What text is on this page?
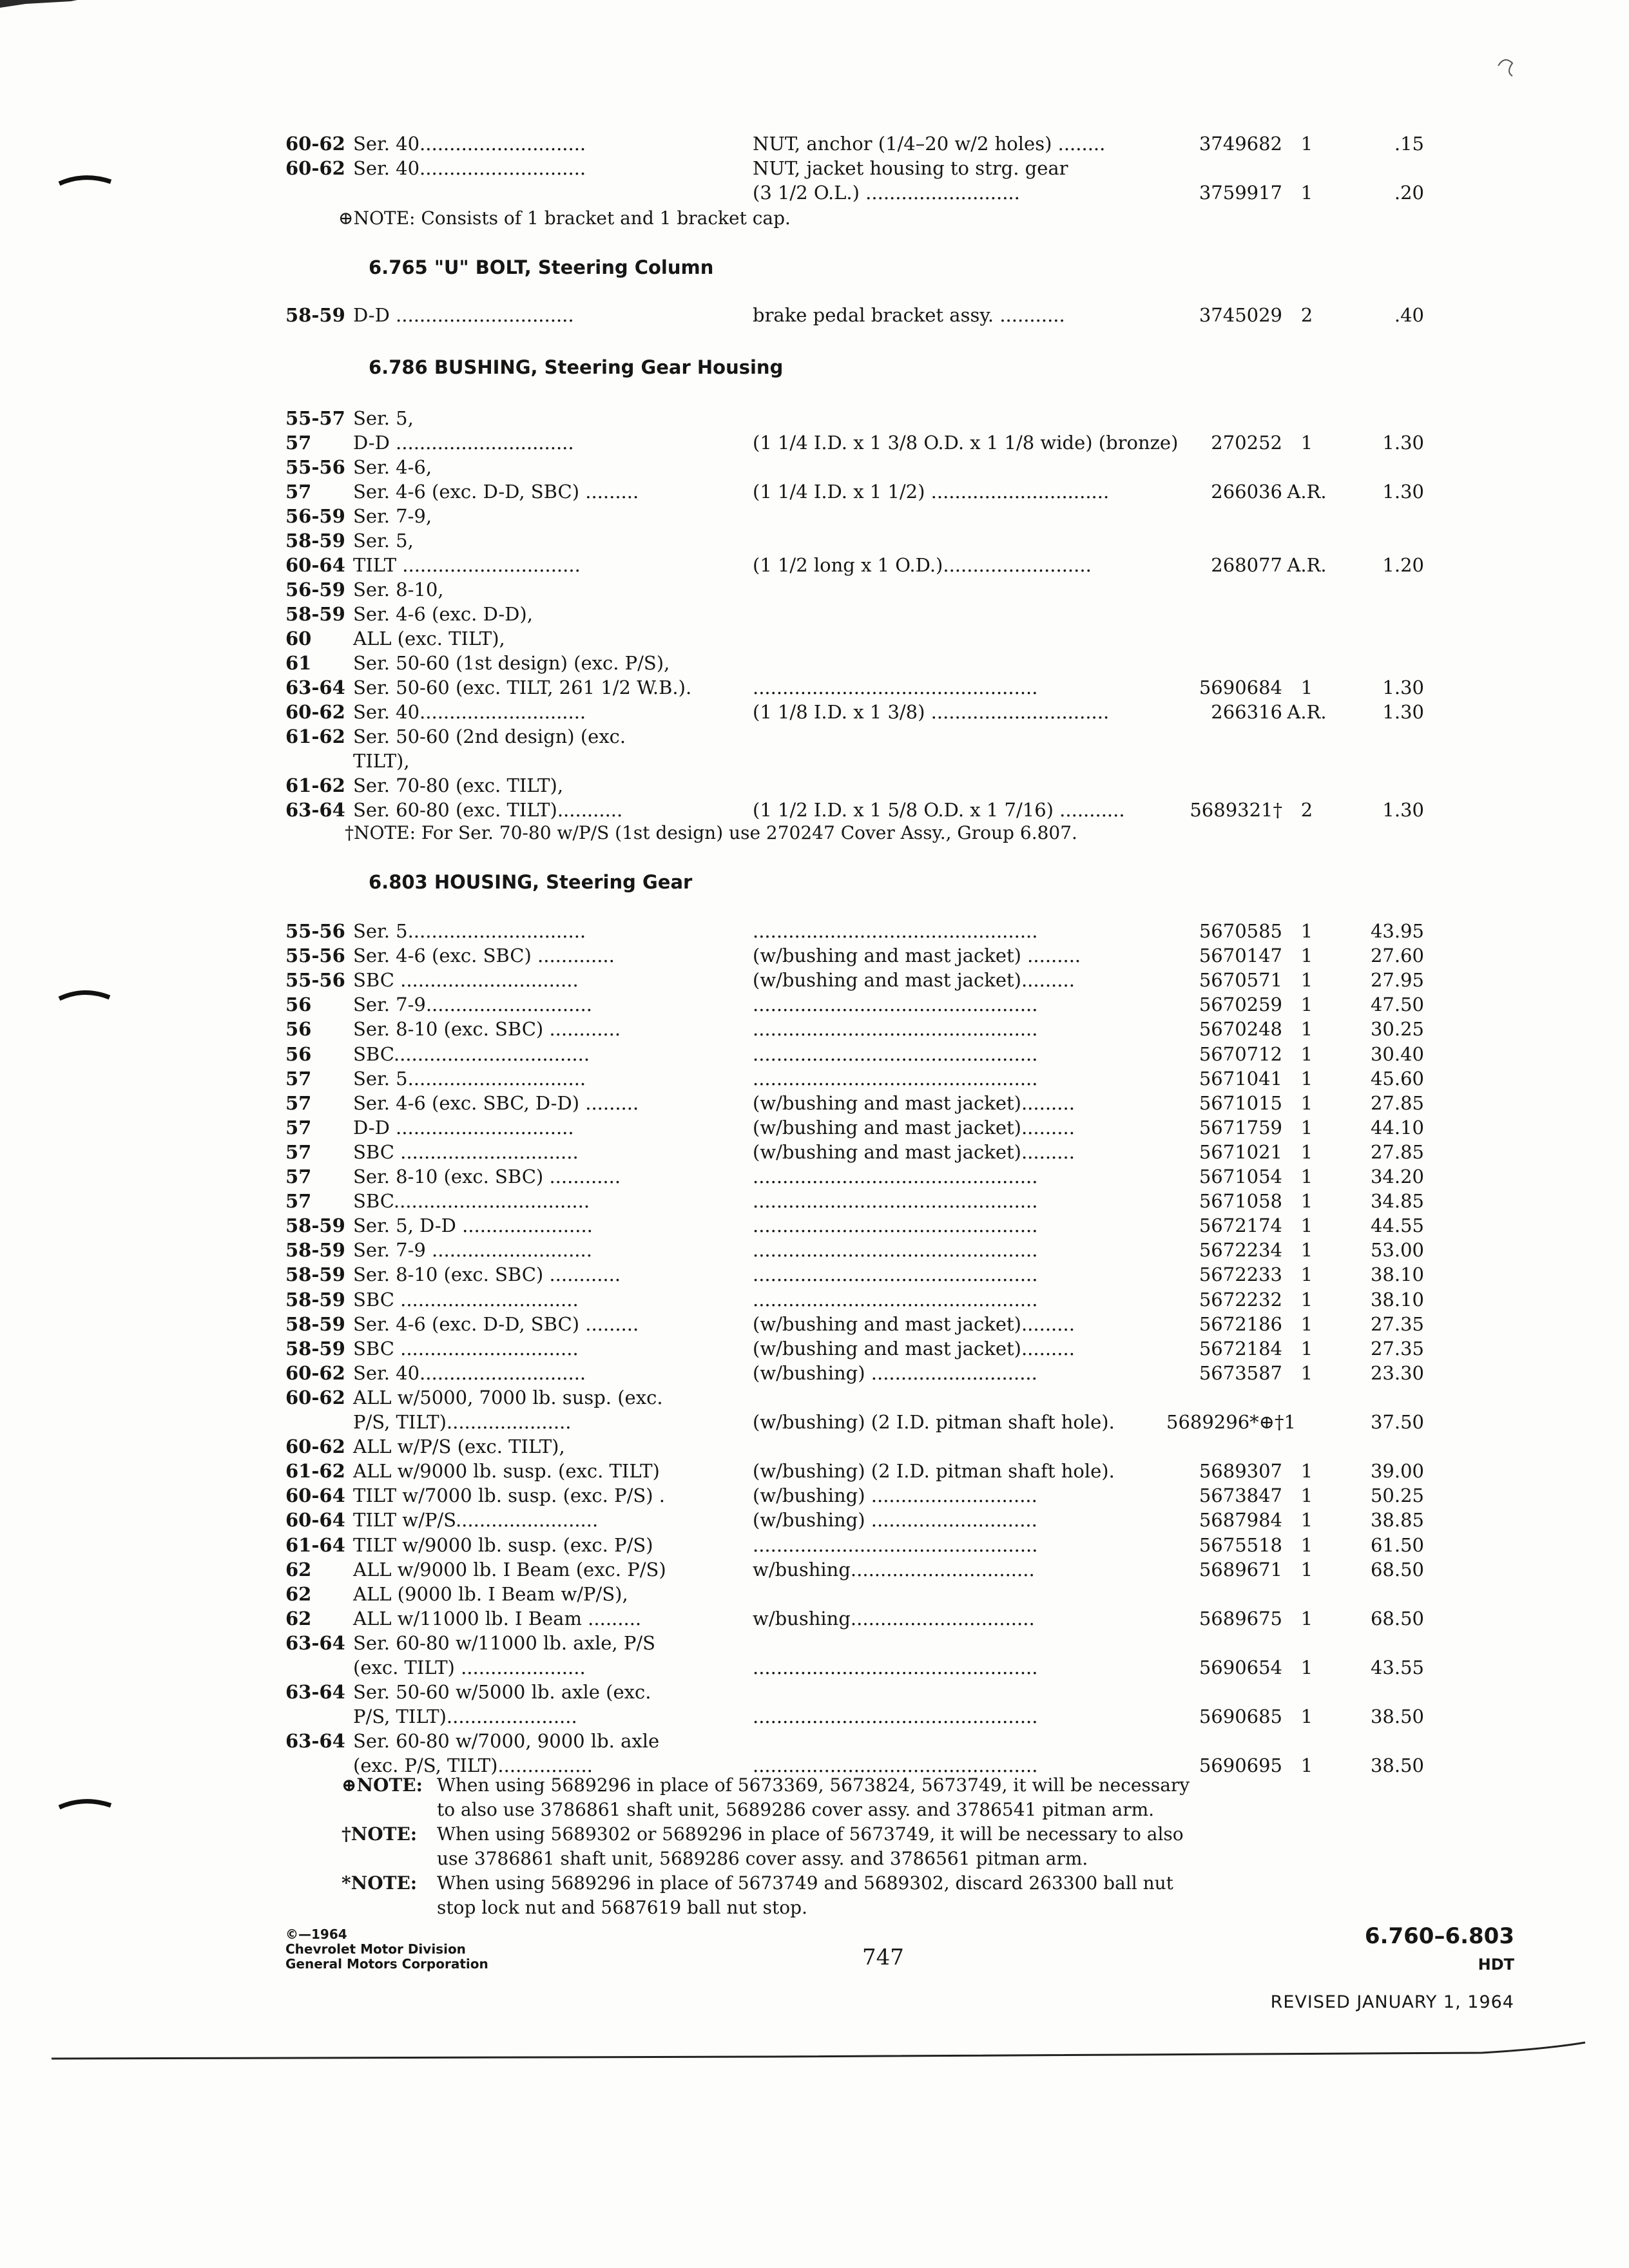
60-62 Ser. 40............................	NUT, anchor (1/4–20 w/2 holes) ........	3749682 1	.15
60-62 Ser. 40............................	NUT, jacket housing to strg. gear
(3 1/2 O.L.) ..........................	3759917 1	.20
58-59 D-D ..............................	brake pedal bracket assy. ...........	3745029 2	.40
55-57 Ser. 5,
57 D-D ..............................	(1 1/4 I.D. x 1 3/8 O.D. x 1 1/8 wide) (bronze)	270252 1	1.30
55-56 Ser. 4-6,
57 Ser. 4-6 (exc. D-D, SBC) .........	(1 1/4 I.D. x 1 1/2) ..............................	266036 A.R.	1.30
56-59 Ser. 7-9,
58-59 Ser. 5,
60-64 TILT ..............................	(1 1/2 long x 1 O.D.).........................	268077 A.R.	1.20
56-59 Ser. 8-10,
58-59 Ser. 4-6 (exc. D-D),
60 ALL (exc. TILT),
61 Ser. 50-60 (1st design) (exc. P/S),
63-64 Ser. 50-60 (exc. TILT, 261 1/2 W.B.).	................................................	5690684 1	1.30
60-62 Ser. 40............................	(1 1/8 I.D. x 1 3/8) ..............................	266316 A.R.	1.30
61-62 Ser. 50-60 (2nd design) (exc.
TILT),
61-62 Ser. 70-80 (exc. TILT),
63-64 Ser. 60-80 (exc. TILT)...........	(1 1/2 I.D. x 1 5/8 O.D. x 1 7/16) ...........	5689321† 2	1.30
55-56 Ser. 5..............................	................................................	5670585 1	43.95
55-56 Ser. 4-6 (exc. SBC) .............	(w/bushing and mast jacket) .........	5670147 1	27.60
55-56 SBC ..............................	(w/bushing and mast jacket).........	5670571 1	27.95
56 Ser. 7-9............................	................................................	5670259 1	47.50
56 Ser. 8-10 (exc. SBC) ............	................................................	5670248 1	30.25
56 SBC.................................	................................................	5670712 1	30.40
57 Ser. 5..............................	................................................	5671041 1	45.60
57 Ser. 4-6 (exc. SBC, D-D) .........	(w/bushing and mast jacket).........	5671015 1	27.85
57 D-D ..............................	(w/bushing and mast jacket).........	5671759 1	44.10
57 SBC ..............................	(w/bushing and mast jacket).........	5671021 1	27.85
57 Ser. 8-10 (exc. SBC) ............	................................................	5671054 1	34.20
57 SBC.................................	................................................	5671058 1	34.85
58-59 Ser. 5, D-D ......................	................................................	5672174 1	44.55
58-59 Ser. 7-9 ...........................	................................................	5672234 1	53.00
58-59 Ser. 8-10 (exc. SBC) ............	................................................	5672233 1	38.10
58-59 SBC ..............................	................................................	5672232 1	38.10
58-59 Ser. 4-6 (exc. D-D, SBC) .........	(w/bushing and mast jacket).........	5672186 1	27.35
58-59 SBC ..............................	(w/bushing and mast jacket).........	5672184 1	27.35
60-62 Ser. 40............................	(w/bushing) ............................	5673587 1	23.30
60-62 ALL w/5000, 7000 lb. susp. (exc.
P/S, TILT).....................	(w/bushing) (2 I.D. pitman shaft hole).	5689296*⊕†1	37.50
60-62 ALL w/P/S (exc. TILT),
61-62 ALL w/9000 lb. susp. (exc. TILT)	(w/bushing) (2 I.D. pitman shaft hole).	5689307 1	39.00
60-64 TILT w/7000 lb. susp. (exc. P/S) .	(w/bushing) ............................	5673847 1	50.25
60-64 TILT w/P/S........................	(w/bushing) ............................	5687984 1	38.85
61-64 TILT w/9000 lb. susp. (exc. P/S)	................................................	5675518 1	61.50
62 ALL w/9000 lb. I Beam (exc. P/S)	w/bushing...............................	5689671 1	68.50
62 ALL (9000 lb. I Beam w/P/S),
62 ALL w/11000 lb. I Beam .........	w/bushing...............................	5689675 1	68.50
63-64 Ser. 60-80 w/11000 lb. axle, P/S
(exc. TILT) .....................	................................................	5690654 1	43.55
63-64 Ser. 50-60 w/5000 lb. axle (exc.
P/S, TILT)......................	................................................	5690685 1	38.50
63-64 Ser. 60-80 w/7000, 9000 lb. axle
(exc. P/S, TILT)................	................................................	5690695 1	38.50
⊕NOTE: Consists of 1 bracket and 1 bracket cap.
6.765 "U" BOLT, Steering Column
6.786 BUSHING, Steering Gear Housing
†NOTE: For Ser. 70-80 w/P/S (1st design) use 270247 Cover Assy., Group 6.807.
6.803 HOUSING, Steering Gear
⊕NOTE: When using 5689296 in place of 5673369, 5673824, 5673749, it will be necessary
to also use 3786861 shaft unit, 5689286 cover assy. and 3786541 pitman arm.
†NOTE: When using 5689302 or 5689296 in place of 5673749, it will be necessary to also
use 3786861 shaft unit, 5689286 cover assy. and 3786561 pitman arm.
*NOTE: When using 5689296 in place of 5673749 and 5689302, discard 263300 ball nut
stop lock nut and 5687619 ball nut stop.
©—1964
Chevrolet Motor Division
General Motors Corporation	747
6.760–6.803
HDT
REVISED JANUARY 1, 1964
